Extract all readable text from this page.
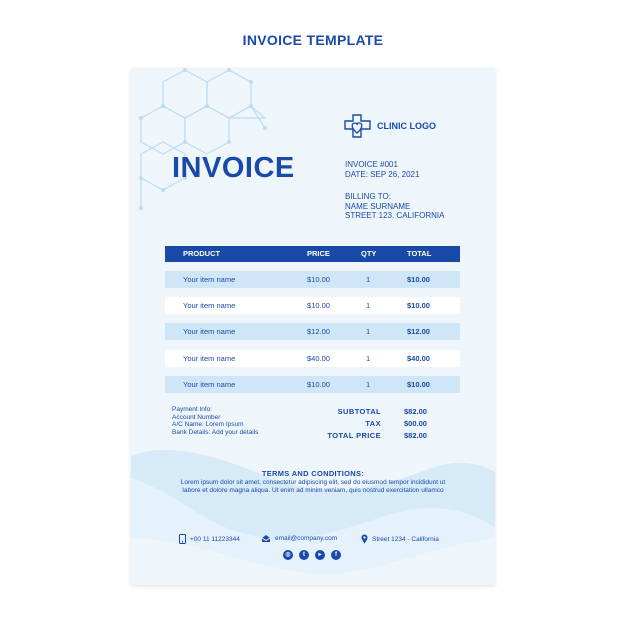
INVOICE TEMPLATE
CLINIC LOGO
INVOICE	INVOICE #001
DATE: SEP 26, 2021
BILLING TO:
NAME SURNAME
STREET 123. CALIFORNIA
PRODUCT	PRICE	QTY	TOTAL
Your item name	$10.00	1	$10.00
Your item name	$10.00	1	$10.00
Your item name	$12.00	1	$12.00
Your item name	$40.00	1	$40.00
Your item name	$10.00	1	$10.00
Payment Info:
Account Number
A/C Name: Lorem Ipsum
Bank Details: Add your details
SUBTOTAL	$82.00
TAX	$00.00
TOTAL PRICE	$82.00
TERMS AND CONDITIONS:
Lorem ipsum dolor sit amet, consectetur adipiscing elit, sed do eiusmod tempor incididunt ut labore et dolore magna aliqua. Ut enim ad minim veniam, quis nostrud exercitation ullamco
+00 11 11223344	email@company.com	Street 1234 - California
◎	t	▸	f
